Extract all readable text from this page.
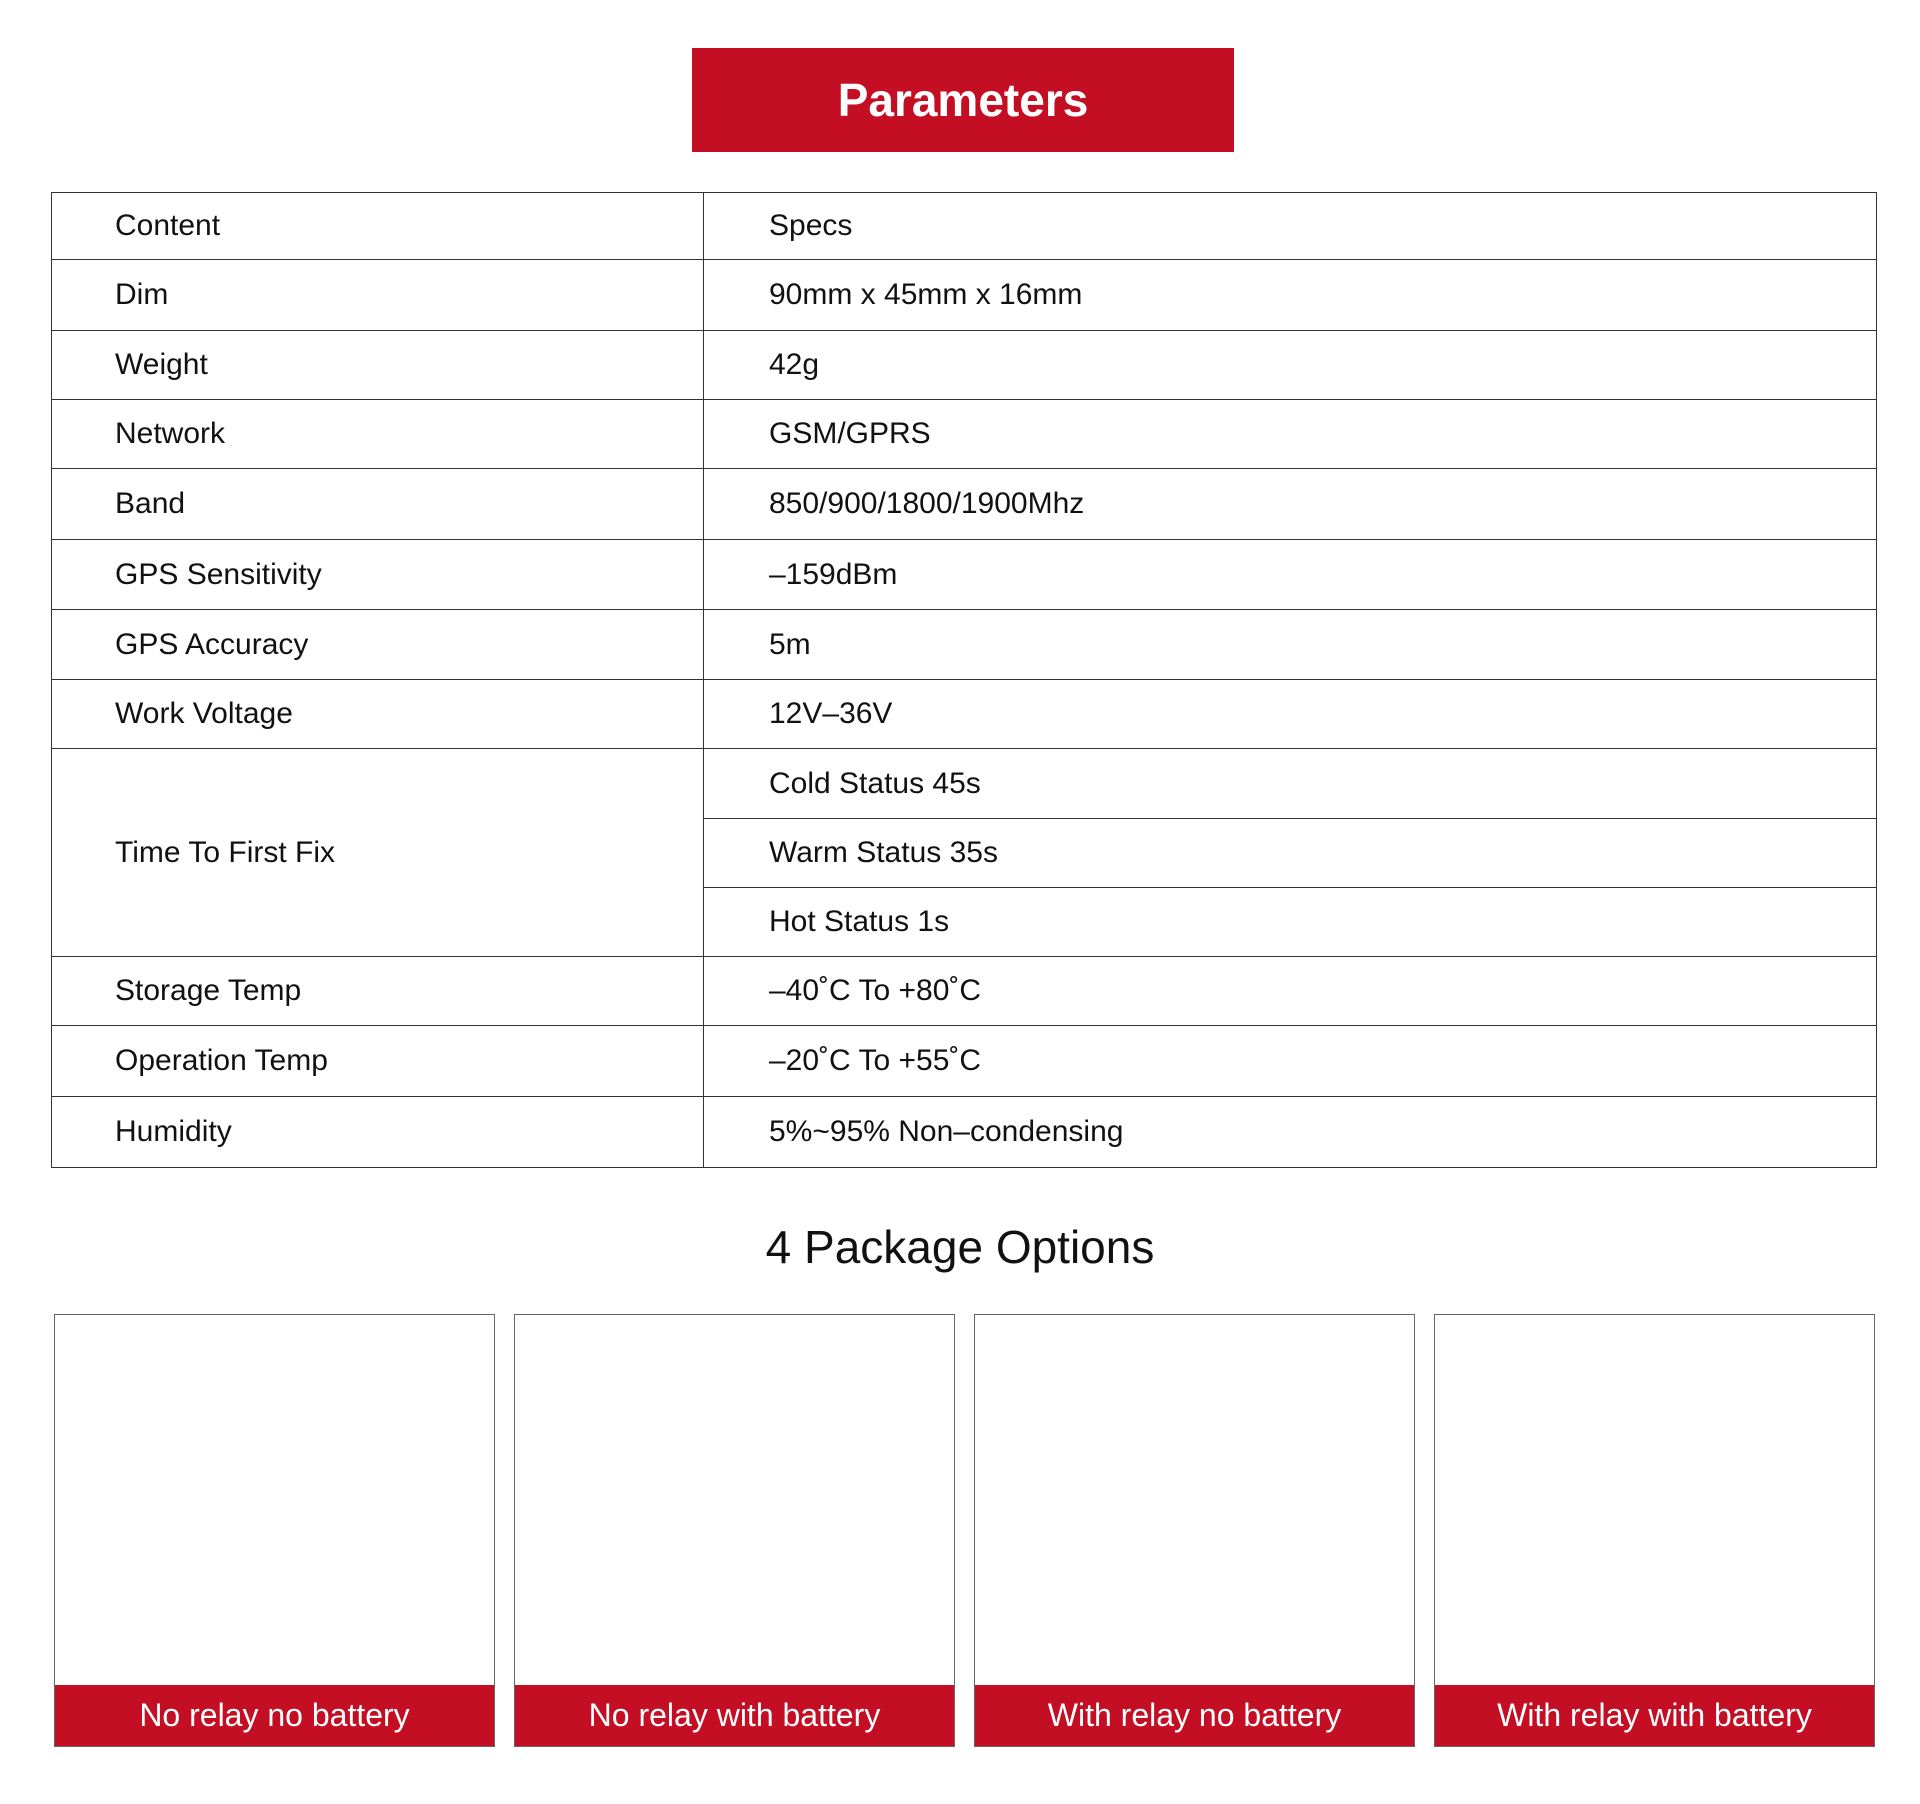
Parameters
Content	Specs
Dim	90mm x 45mm x 16mm
Weight	42g
Network	GSM/GPRS
Band	850/900/1800/1900Mhz
GPS Sensitivity	–159dBm
GPS Accuracy	5m
Work Voltage	12V–36V
Time To First Fix	Cold Status 45s
	Warm Status 35s
	Hot Status 1s
Storage Temp	–40˚C To +80˚C
Operation Temp	–20˚C To +55˚C
Humidity	5%~95% Non–condensing
4 Package Options
No relay no battery	No relay with battery	With relay no battery	With relay with battery
